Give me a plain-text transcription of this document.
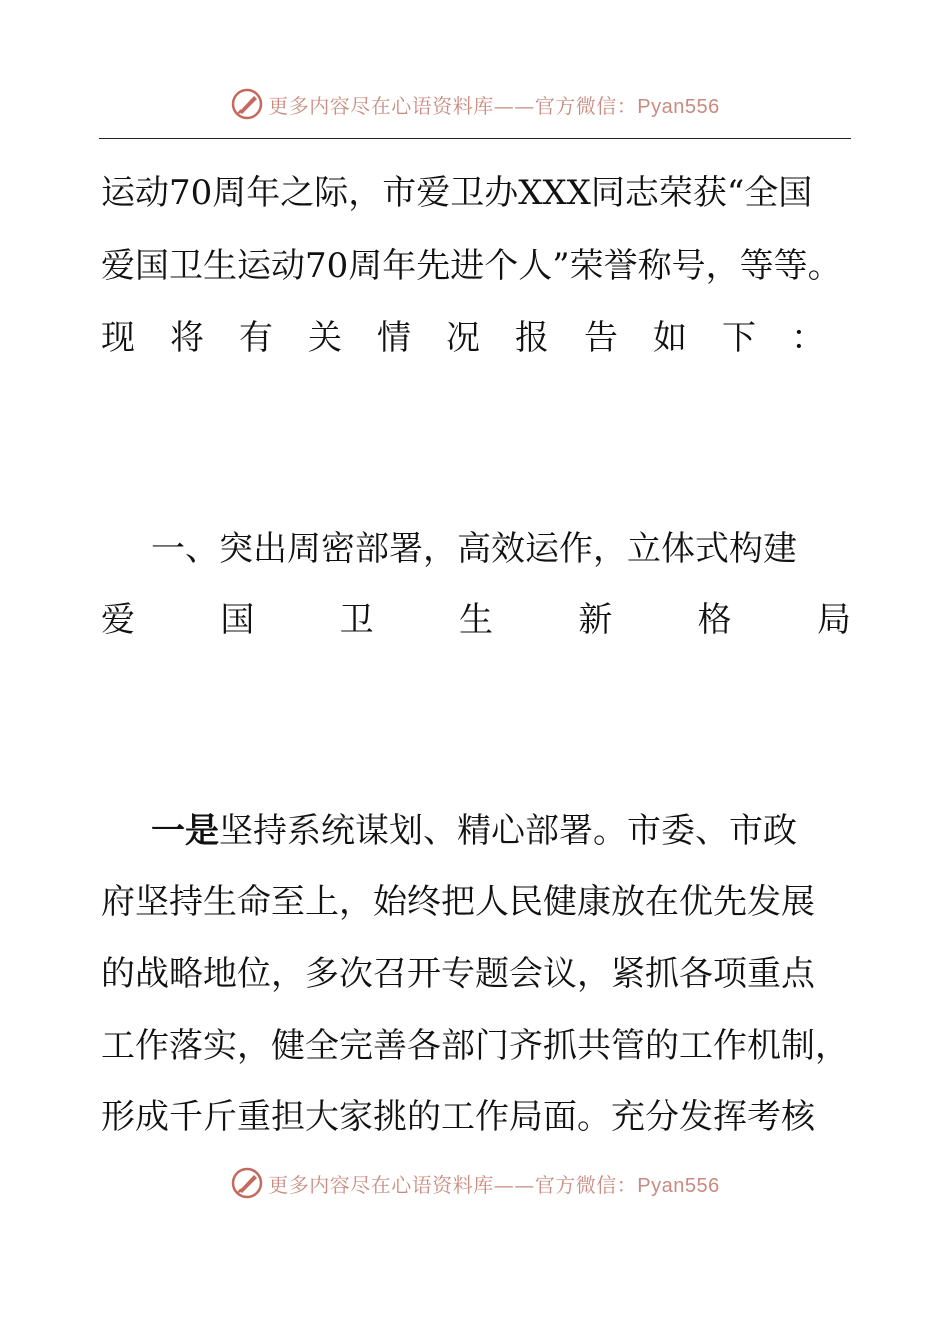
更多内容尽在心语资料库——官方微信：Pyan556
运动70周年之际，市爱卫办XXX同志荣获“全国
爱国卫生运动70周年先进个人”荣誉称号，等等。
现 将 有 关 情 况 报 告 如 下 ：
一、突出周密部署，高效运作，立体式构建
爱	国	卫	生	新	格	局
一是坚持系统谋划、精心部署。市委、市政
府坚持生命至上，始终把人民健康放在优先发展
的战略地位，多次召开专题会议，紧抓各项重点
工作落实，健全完善各部门齐抓共管的工作机制，
形成千斤重担大家挑的工作局面。充分发挥考核
更多内容尽在心语资料库——官方微信：Pyan556
